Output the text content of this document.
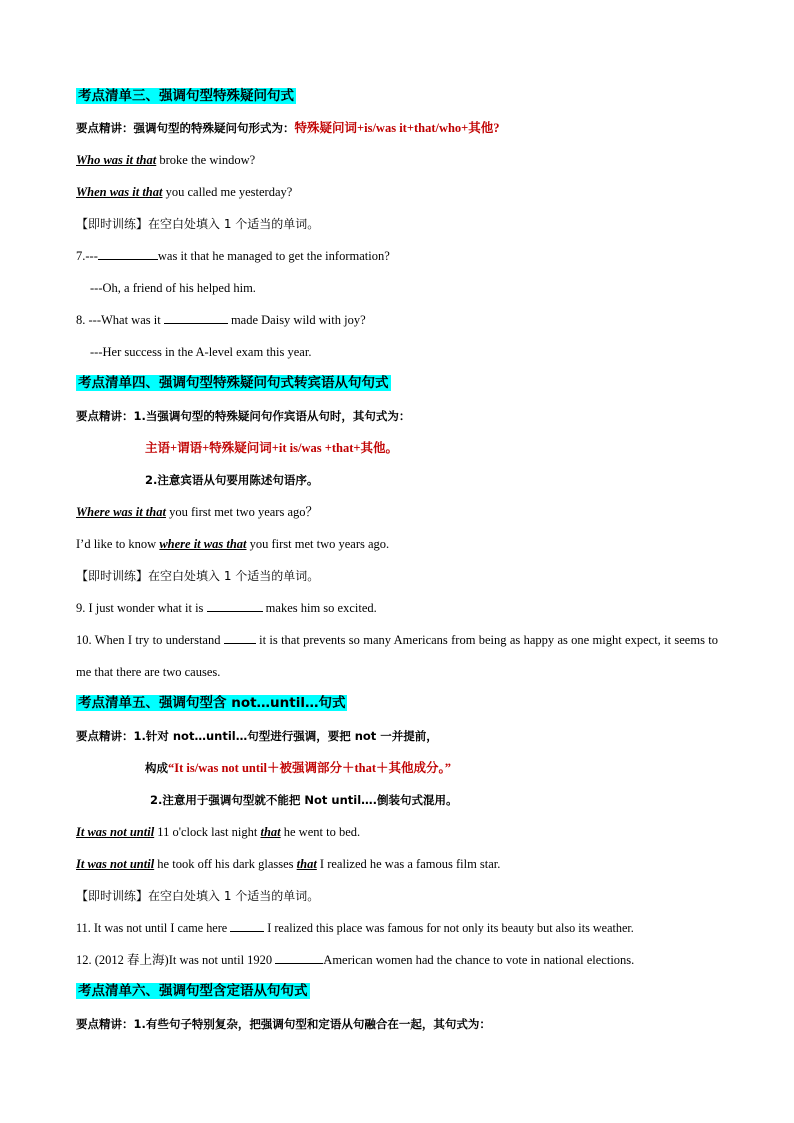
考点清单三、强调句型特殊疑问句式
要点精讲：强调句型的特殊疑问句形式为：特殊疑问词+is/was it+that/who+其他?
Who was it that broke the window?
When was it that you called me yesterday?
【即时训练】在空白处填入 1 个适当的单词。
7.---	was it that he managed to get the information?
---Oh, a friend of his helped him.
8. ---What was it	made Daisy wild with joy?
---Her success in the A-level exam this year.
考点清单四、强调句型特殊疑问句式转宾语从句句式
要点精讲：1.当强调句型的特殊疑问句作宾语从句时，其句式为：
主语+谓语+特殊疑问词+it is/was +that+其他。
2.注意宾语从句要用陈述句语序。
Where was it that you first met two years ago？
I’d like to know where it was that you first met two years ago.
【即时训练】在空白处填入 1 个适当的单词。
9. I just wonder what it is	makes him so excited.
10. When I try to understand	it is that prevents so many Americans from being as happy as one might expect, it seems to me that there are two causes.
考点清单五、强调句型含 not…until…句式
要点精讲：1.针对 not…until…句型进行强调，要把 not 一并提前，
构成“It is/was not until＋被强调部分＋that＋其他成分。”
2.注意用于强调句型就不能把 Not until….倒装句式混用。
It was not until 11 o'clock last night that he went to bed.
It was not until he took off his dark glasses that I realized he was a famous film star.
【即时训练】在空白处填入 1 个适当的单词。
11. It was not until I came here	I realized this place was famous for not only its beauty but also its weather.
12. (2012 春上海)It was not until 1920	American women had the chance to vote in national elections.
考点清单六、强调句型含定语从句句式
要点精讲：1.有些句子特别复杂，把强调句型和定语从句融合在一起，其句式为：
